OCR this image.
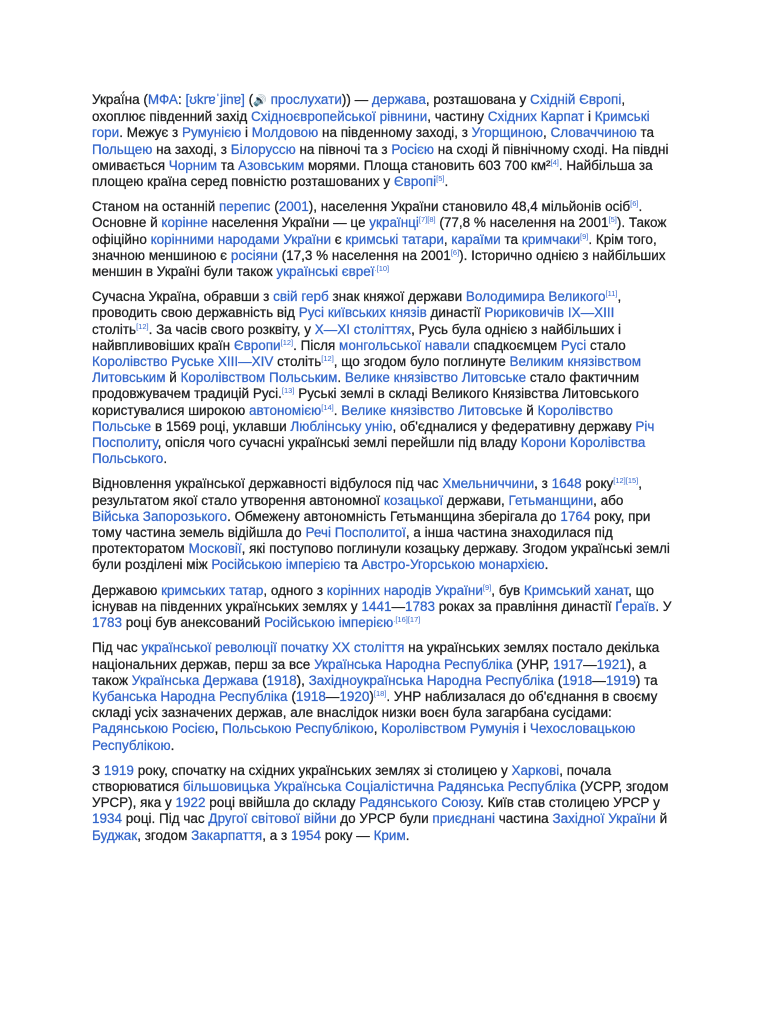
Украї́на (МФА: [ʊkrɐˈjinɐ] (🔊 прослухати)) — держава, розташована у Східній Європі, охоплює південний захід Східноєвропейської рівнини, частину Східних Карпат і Кримські гори. Межує з Румунією і Молдовою на південному заході, з Угорщиною, Словаччиною та Польщею на заході, з Білоруссю на півночі та з Росією на сході й північному сході. На півдні омивається Чорним та Азовським морями. Площа становить 603 700 км²[4]. Найбільша за площею країна серед повністю розташованих у Європі[5].

Станом на останній перепис (2001), населення України становило 48,4 мільйонів осіб[6]. Основне й корінне населення України — це українці[7][8] (77,8 % населення на 2001[5]). Також офіційно корінними народами України є кримські татари, караїми та кримчаки[9]. Крім того, значною меншиною є росіяни (17,3 % населення на 2001[6]). Історично однією з найбільших меншин в Україні були також українські євреї$^{.[10]}$

Сучасна Україна, обравши з свій герб знак княжої держави Володимира Великого[11], проводить свою державність від Русі київських князів династії Рюриковичів IX—XIII століть[12]. За часів свого розквіту, у X—XI століттях, Русь була однією з найбільших і найвпливовіших країн Європи[12]. Після монгольської навали спадкоємцем Русі стало Королівство Руське XIII—XIV століть[12], що згодом було поглинуте Великим князівством Литовським й Королівством Польським. Велике князівство Литовське стало фактичним продовжувачем традицій Русі.[13] Руські землі в складі Великого Князівства Литовського користувалися широкою автономією[14]. Велике князівство Литовське й Королівство Польське в 1569 році, уклавши Люблінську унію, об'єдналися у федеративну державу Річ Посполиту, опісля чого сучасні українські землі перейшли під владу Корони Королівства Польського.

Відновлення української державності відбулося під час Хмельниччини, з 1648 року[12][15], результатом якої стало утворення автономної козацької держави, Гетьманщини, або Війська Запорозького. Обмежену автономність Гетьманщина зберігала до 1764 року, при тому частина земель відійшла до Речі Посполитої, а інша частина знаходилася під протекторатом Московії, які поступово поглинули козацьку державу. Згодом українські землі були розділені між Російською імперією та Австро-Угорською монархією.

Державою кримських татар, одного з корінних народів України[9], був Кримський ханат, що існував на південних українських землях у 1441—1783 роках за правління династії Ґераїв. У 1783 році був анексований Російською імперією$^{.[16][17]}$

Під час української революції початку XX століття на українських землях постало декілька національних держав, перш за все Українська Народна Республіка (УНР, 1917—1921), а також Українська Держава (1918), Західноукраїнська Народна Республіка (1918—1919) та Кубанська Народна Республіка (1918—1920)[18]. УНР наблизалася до об'єднання в своєму складі усіх зазначених держав, але внаслідок низки воєн була загарбана сусідами: Радянською Росією, Польською Республікою, Королівством Румунія і Чехословацькою Республікою.

З 1919 року, спочатку на східних українських землях зі столицею у Харкові, почала створюватися більшовицька Українська Соціалістична Радянська Республіка (УСРР, згодом УРСР), яка у 1922 році ввійшла до складу Радянського Союзу. Київ став столицею УРСР у 1934 році. Під час Другої світової війни до УРСР були приєднані частина Західної України й Буджак, згодом Закарпаття, а з 1954 року — Крим.
